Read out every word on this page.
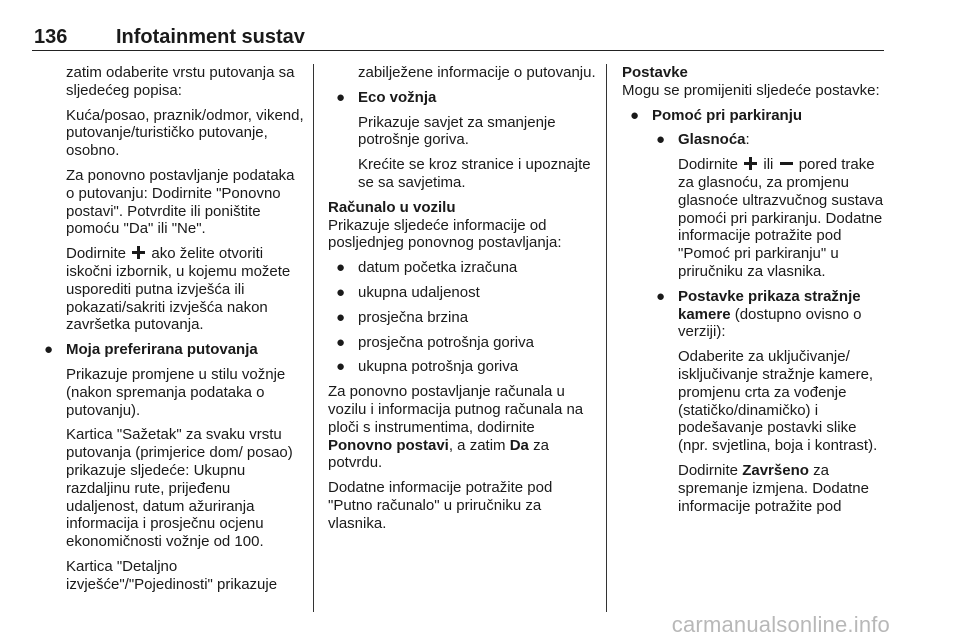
136 Infotainment sustav
zatim odaberite vrstu putovanja sa sljedećeg popisa:
Kuća/posao, praznik/odmor, vikend, putovanje/turističko putovanje, osobno.
Za ponovno postavljanje podataka o putovanju: Dodirnite "Ponovno postavi". Potvrdite ili poništite pomoću "Da" ili "Ne".
Dodirnite ako želite otvoriti iskočni izbornik, u kojemu možete usporediti putna izvješća ili pokazati/sakriti izvješća nakon završetka putovanja.
● Moja preferirana putovanja
Prikazuje promjene u stilu vožnje (nakon spremanja podataka o putovanju).
Kartica "Sažetak" za svaku vrstu putovanja (primjerice dom/ posao) prikazuje sljedeće: Ukupnu razdaljinu rute, prijeđenu udaljenost, datum ažuriranja informacija i prosječnu ocjenu ekonomičnosti vožnje od 100.
Kartica "Detaljno izvješće"/"Pojedinosti" prikazuje
zabilježene informacije o putovanju.
● Eco vožnja
Prikazuje savjet za smanjenje potrošnje goriva.
Krećite se kroz stranice i upoznajte se sa savjetima.
Računalo u vozilu
Prikazuje sljedeće informacije od posljednjeg ponovnog postavljanja:
● datum početka izračuna
● ukupna udaljenost
● prosječna brzina
● prosječna potrošnja goriva
● ukupna potrošnja goriva
Za ponovno postavljanje računala u vozilu i informacija putnog računala na ploči s instrumentima, dodirnite Ponovno postavi, a zatim Da za potvrdu.
Dodatne informacije potražite pod "Putno računalo" u priručniku za vlasnika.
Postavke
Mogu se promijeniti sljedeće postavke:
● Pomoć pri parkiranju
● Glasnoća:
Dodirnite ili pored trake za glasnoću, za promjenu glasnoće ultrazvučnog sustava pomoći pri parkiranju. Dodatne informacije potražite pod "Pomoć pri parkiranju" u priručniku za vlasnika.
● Postavke prikaza stražnje kamere (dostupno ovisno o verziji):
Odaberite za uključivanje/ isključivanje stražnje kamere, promjenu crta za vođenje (statičko/dinamičko) i podešavanje postavki slike (npr. svjetlina, boja i kontrast).
Dodirnite Završeno za spremanje izmjena. Dodatne informacije potražite pod
carmanualsonline.info
